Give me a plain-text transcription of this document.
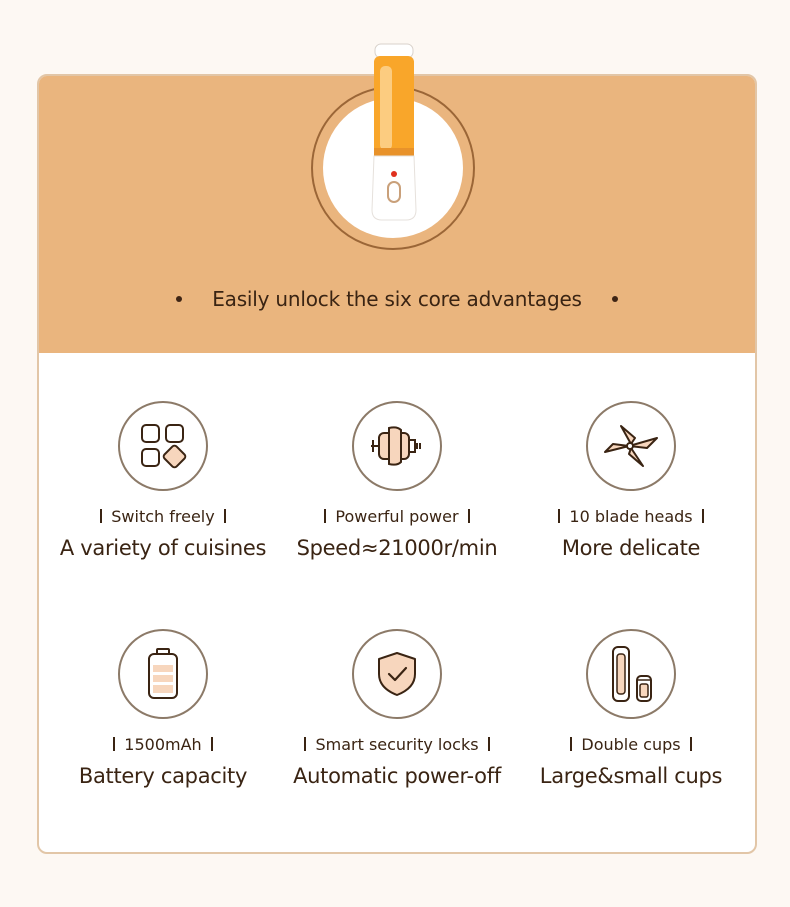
Easily unlock the six core advantages
Switch freely
A variety of cuisines
Powerful power
Speed≈21000r/min
10 blade heads
More delicate
1500mAh
Battery capacity
Smart security locks
Automatic power-off
Double cups
Large&small cups
